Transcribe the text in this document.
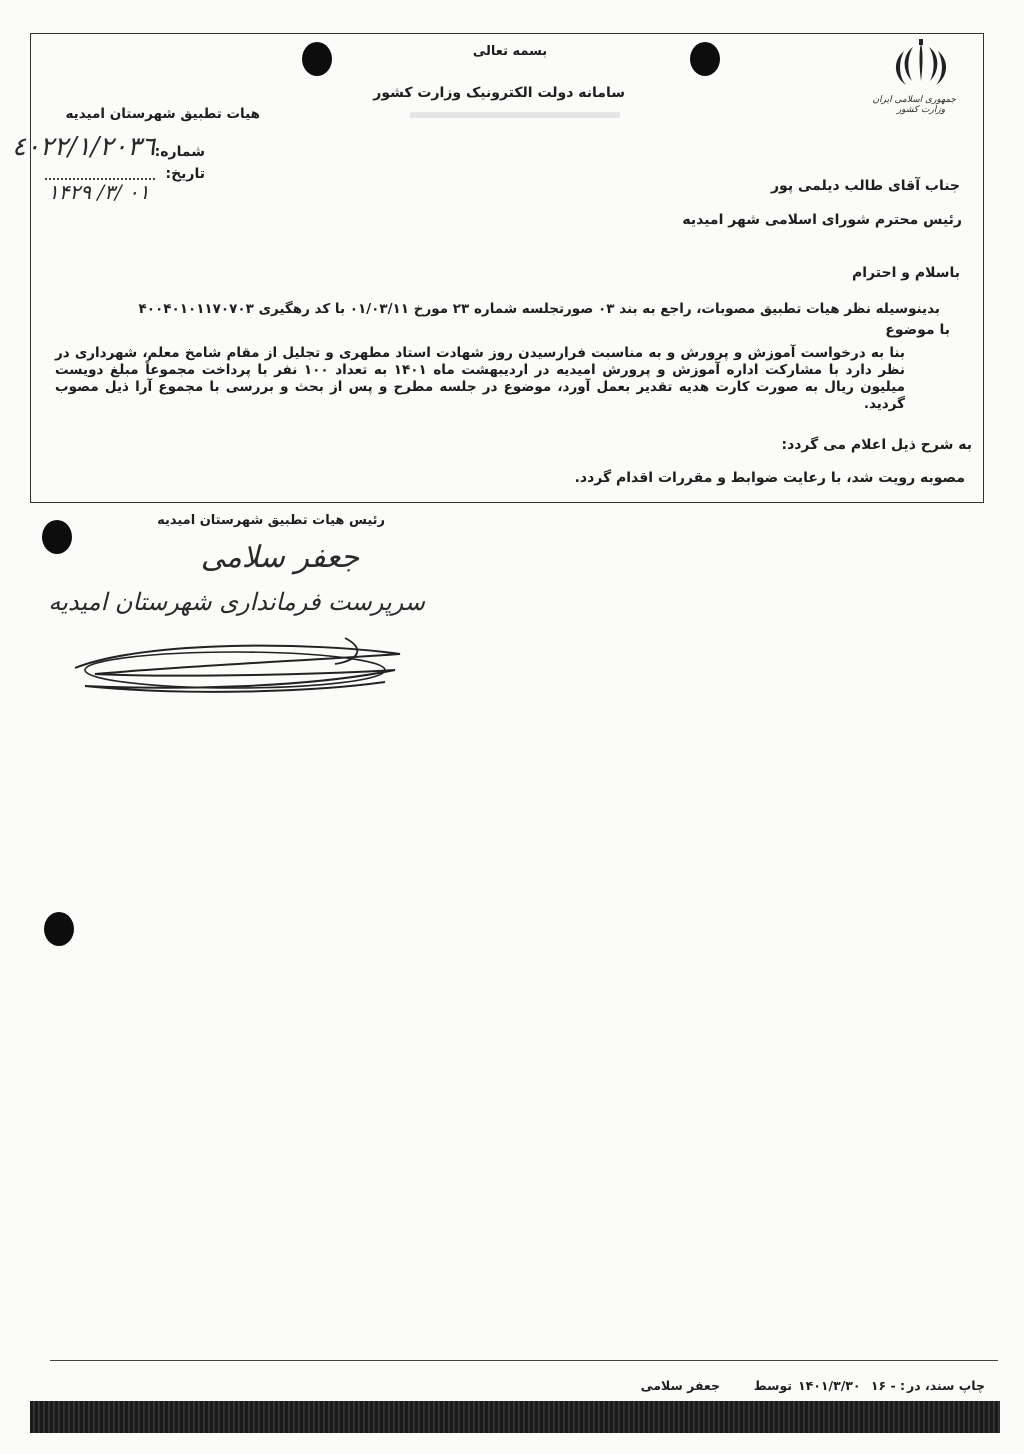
جمهوری اسلامی ایران
وزارت کشور
بسمه تعالی
سامانه دولت الکترونیک وزارت کشور
هیات تطبیق شهرستان امیدیه
شماره:
٤٠٢٢/١/٢٠٣٦
تاریخ:
١۴٠١ /٣/ ٢٩	جناب آقای طالب دیلمی پور
رئیس محترم شورای اسلامی شهر امیدیه
باسلام و احترام
بدینوسیله نظر هیات تطبیق مصوبات، راجع به بند ۰۳ صورتجلسه شماره ۲۳ مورخ ۰۱/۰۳/۱۱ با کد رهگیری ۴۰۰۴۰۱۰۱۱۷۰۷۰۳
با موضوع
بنا به درخواست آموزش و پرورش و به مناسبت فرارسیدن روز شهادت استاد مطهری و تجلیل از مقام شامخ معلم، شهرداری در نظر دارد با مشارکت اداره آموزش و پرورش امیدیه در اردیبهشت ماه ۱۴۰۱ به تعداد ۱۰۰ نفر با پرداخت مجموعاً مبلغ دویست میلیون ریال به صورت کارت هدیه تقدیر بعمل آورد، موضوع در جلسه مطرح و پس از بحث و بررسی با مجموع آرا ذیل مصوب گردید.
به شرح ذیل اعلام می گردد:
مصوبه رویت شد، با رعایت ضوابط و مقررات اقدام گردد.
رئیس هیات تطبیق شهرستان امیدیه
جعفر سلامی
سرپرست فرمانداری شهرستان امیدیه
چاپ سند، در
۱۶ - :
۱۴۰۱/۳/۳۰
توسط
جعفر سلامی
